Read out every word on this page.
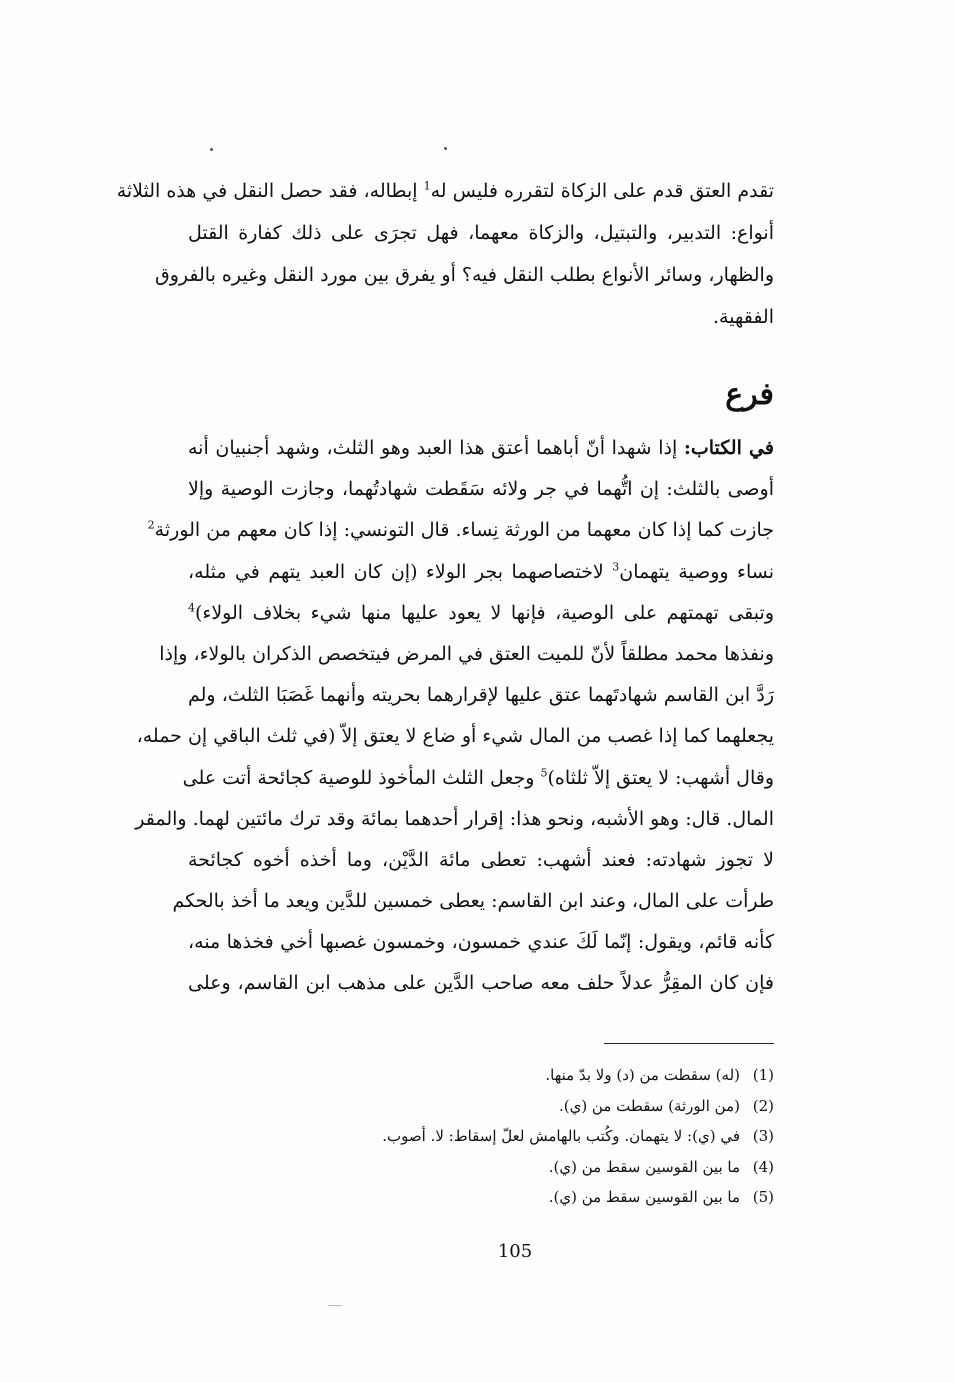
تقدم العتق قدم على الزكاة لتقرره فليس له$^1$ إبطاله، فقد حصل النقل في هذه الثلاثة
أنواع: التدبير، والتبتيل، والزكاة معهما، فهل تجرَى على ذلك كفارة القتل
والظهار، وسائر الأنواع بطلب النقل فيه؟ أو يفرق بين مورد النقل وغيره بالفروق
الفقهية.
فرع
في الكتاب: إذا شهدا أنّ أباهما أعتق هذا العبد وهو الثلث، وشهد أجنبيان أنه
أوصى بالثلث: إن اتُّهما في جر ولائه سَقَطت شهادتُهما، وجازت الوصية وإلا
جازت كما إذا كان معهما من الورثة نِساء. قال التونسي: إذا كان معهم من الورثة$^2$
نساء ووصية يتهمان$^3$ لاختصاصهما بجر الولاء (إن كان العبد يتهم في مثله،
وتبقى تهمتهم على الوصية، فإنها لا يعود عليها منها شيء بخلاف الولاء)$^4$
ونفذها محمد مطلقاً لأنّ للميت العتق في المرض فيتخصص الذكران بالولاء، وإذا
رَدَّ ابن القاسم شهادتَهما عتق عليها لإقرارهما بحريته وأنهما غَصَبَا الثلث، ولم
يجعلهما كما إذا غصب من المال شيء أو ضاع لا يعتق إلاّ (في ثلث الباقي إن حمله،
وقال أشهب: لا يعتق إلاّ ثلثاه)$^5$ وجعل الثلث المأخوذ للوصية كجائحة أتت على
المال. قال: وهو الأشبه، ونحو هذا: إقرار أحدهما بمائة وقد ترك مائتين لهما. والمقر
لا تجوز شهادته: فعند أشهب: تعطى مائة الدَّيْن، وما أخذه أخوه كجائحة
طرأت على المال، وعند ابن القاسم: يعطى خمسين للدَّين ويعد ما أخذ بالحكم
كأنه قائم، ويقول: إنّما لَكَ عندي خمسون، وخمسون غصبها أخي فخذها منه،
فإن كان المقِرُّ عدلاً حلف معه صاحب الدَّين على مذهب ابن القاسم، وعلى
(1)
(له) سقطت من (د) ولا بدّ منها.
(2)
(من الورثة) سقطت من (ي).
(3)
في (ي): لا يتهمان. وكُتب بالهامش لعلّ إسقاط: لا. أصوب.
(4)
ما بين القوسين سقط من (ي).
(5)
ما بين القوسين سقط من (ي).
105
